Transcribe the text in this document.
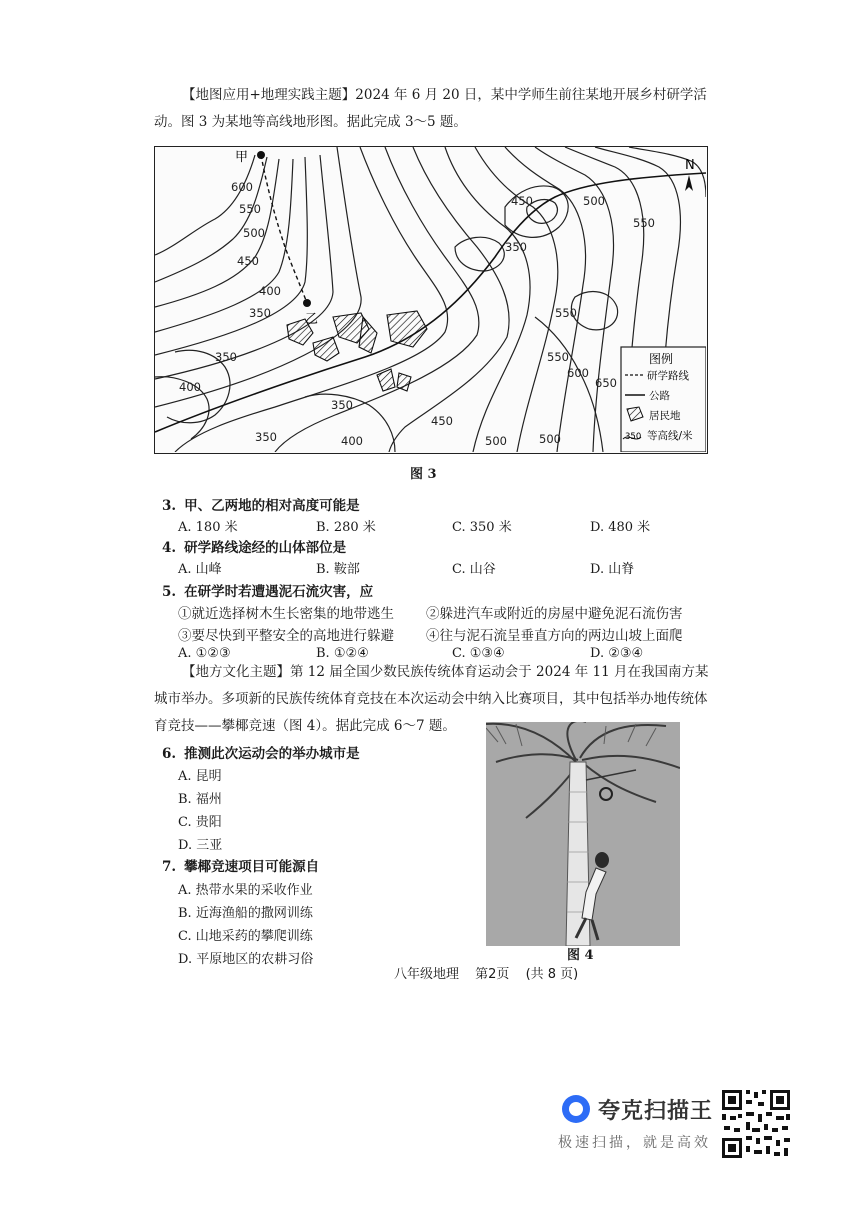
【地图应用+地理实践主题】2024 年 6 月 20 日，某中学师生前往某地开展乡村研学活动。图 3 为某地等高线地形图。据此完成 3～5 题。
甲
乙
N
600
550
500
450
400
350
350
400
350
350	400
450
500
550
450	500
550
350
550
600
650
500
图例
研学路线
公路
居民地
350 等高线/米
图 3
3. 甲、乙两地的相对高度可能是
A. 180 米	B. 280 米	C. 350 米	D. 480 米
4. 研学路线途经的山体部位是
A. 山峰	B. 鞍部	C. 山谷	D. 山脊
5. 在研学时若遭遇泥石流灾害，应
①就近选择树木生长密集的地带逃生 ②躲进汽车或附近的房屋中避免泥石流伤害
③要尽快到平整安全的高地进行躲避 ④往与泥石流呈垂直方向的两边山坡上面爬
A. ①②③	B. ①②④	C. ①③④	D. ②③④
【地方文化主题】第 12 届全国少数民族传统体育运动会于 2024 年 11 月在我国南方某城市举办。多项新的民族传统体育竞技在本次运动会中纳入比赛项目，其中包括举办地传统体育竞技——攀椰竞速（图 4）。据此完成 6～7 题。
6. 推测此次运动会的举办城市是
A. 昆明
B. 福州
C. 贵阳
D. 三亚
7. 攀椰竞速项目可能源自
A. 热带水果的采收作业
B. 近海渔船的撒网训练
C. 山地采药的攀爬训练
D. 平原地区的农耕习俗	图 4
八年级地理 第2页 (共 8 页)
夸克扫描王
极速扫描，就是高效
